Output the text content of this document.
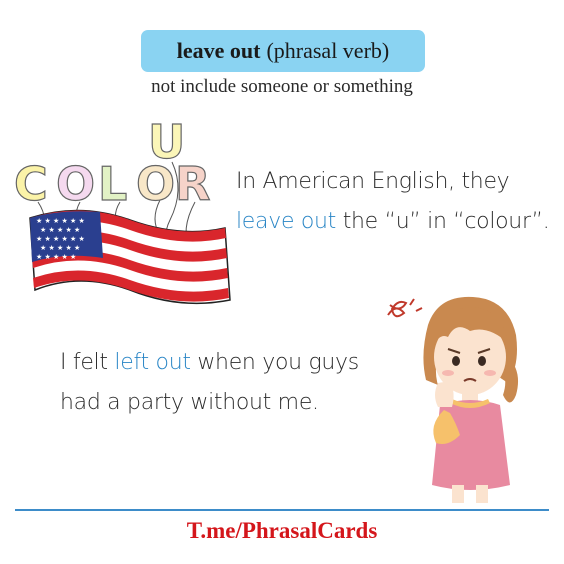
leave out (phrasal verb)
not include someone or something
★ ★ ★ ★ ★ ★
★ ★ ★ ★ ★
★ ★ ★ ★ ★ ★
★ ★ ★ ★ ★
★ ★ ★ ★ ★
C O L O R
U
In American English, they
leave out the “u” in “colour”.
I felt left out when you guys
had a party without me.
T.me/PhrasalCards
